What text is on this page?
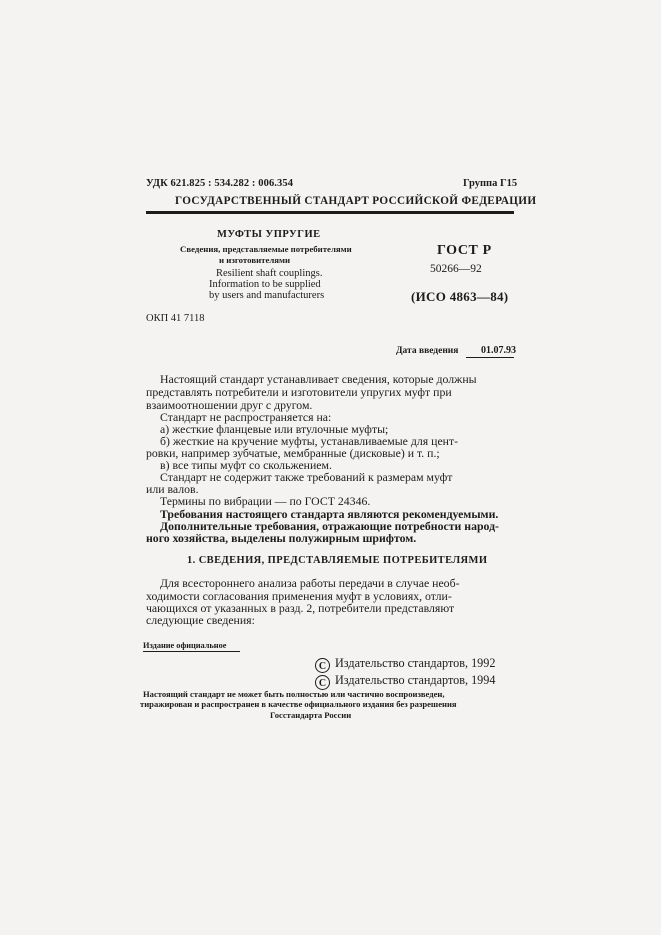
УДК 621.825 : 534.282 : 006.354	Группа Г15
ГОСУДАРСТВЕННЫЙ СТАНДАРТ РОССИЙСКОЙ ФЕДЕРАЦИИ
МУФТЫ УПРУГИЕ
Сведения, представляемые потребителями
и изготовителями
Resilient shaft couplings.
Information to be supplied
by users and manufacturers
ГОСТ Р
50266—92
(ИСО 4863—84)
ОКП 41 7118
Дата введения 01.07.93
Настоящий стандарт устанавливает сведения, которые должны
представлять потребители и изготовители упругих муфт при
взаимоотношении друг с другом.
Стандарт не распространяется на:
а) жесткие фланцевые или втулочные муфты;
б) жесткие на кручение муфты, устанавливаемые для цент-
ровки, например зубчатые, мембранные (дисковые) и т. п.;
в) все типы муфт со скольжением.
Стандарт не содержит также требований к размерам муфт
или валов.
Термины по вибрации — по ГОСТ 24346.
Требования настоящего стандарта являются рекомендуемыми.
Дополнительные требования, отражающие потребности народ-
ного хозяйства, выделены полужирным шрифтом.
1. СВЕДЕНИЯ, ПРЕДСТАВЛЯЕМЫЕ ПОТРЕБИТЕЛЯМИ
Для всестороннего анализа работы передачи в случае необ-
ходимости согласования применения муфт в условиях, отли-
чающихся от указанных в разд. 2, потребители представляют
следующие сведения:
Издание официальное
С Издательство стандартов, 1992
С Издательство стандартов, 1994
Настоящий стандарт не может быть полностью или частично воспроизведен,
тиражирован и распространен в качестве официального издания без разрешения
Госстандарта России
